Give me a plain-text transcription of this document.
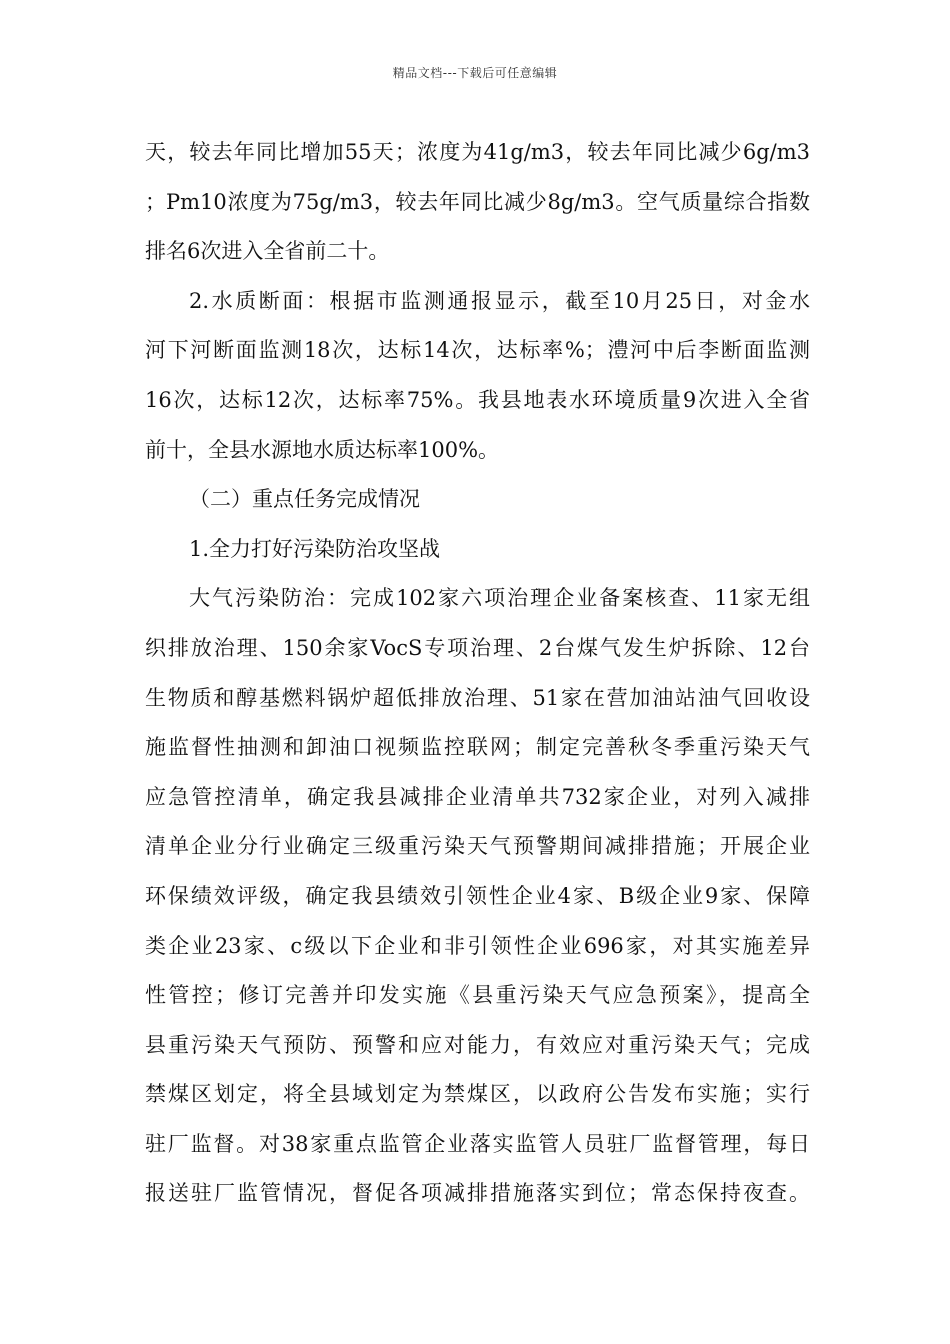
精品文档---下载后可任意编辑
天，较去年同比增加55天；浓度为41g/m3，较去年同比减少6g/m3
；Pm10浓度为75g/m3，较去年同比减少8g/m3。空气质量综合指数
排名6次进入全省前二十。
2.水质断面：根据市监测通报显示，截至10月25日，对金水
河下河断面监测18次，达标14次，达标率%；澧河中后李断面监测
16次，达标12次，达标率75%。我县地表水环境质量9次进入全省
前十，全县水源地水质达标率100%。
（二）重点任务完成情况
1.全力打好污染防治攻坚战
大气污染防治：完成102家六项治理企业备案核查、11家无组
织排放治理、150余家VocS专项治理、2台煤气发生炉拆除、12台
生物质和醇基燃料锅炉超低排放治理、51家在营加油站油气回收设
施监督性抽测和卸油口视频监控联网；制定完善秋冬季重污染天气
应急管控清单，确定我县减排企业清单共732家企业，对列入减排
清单企业分行业确定三级重污染天气预警期间减排措施；开展企业
环保绩效评级，确定我县绩效引领性企业4家、B级企业9家、保障
类企业23家、c级以下企业和非引领性企业696家，对其实施差异
性管控；修订完善并印发实施《县重污染天气应急预案》，提高全
县重污染天气预防、预警和应对能力，有效应对重污染天气；完成
禁煤区划定，将全县域划定为禁煤区，以政府公告发布实施；实行
驻厂监督。对38家重点监管企业落实监管人员驻厂监督管理，每日
报送驻厂监管情况，督促各项减排措施落实到位；常态保持夜查。
